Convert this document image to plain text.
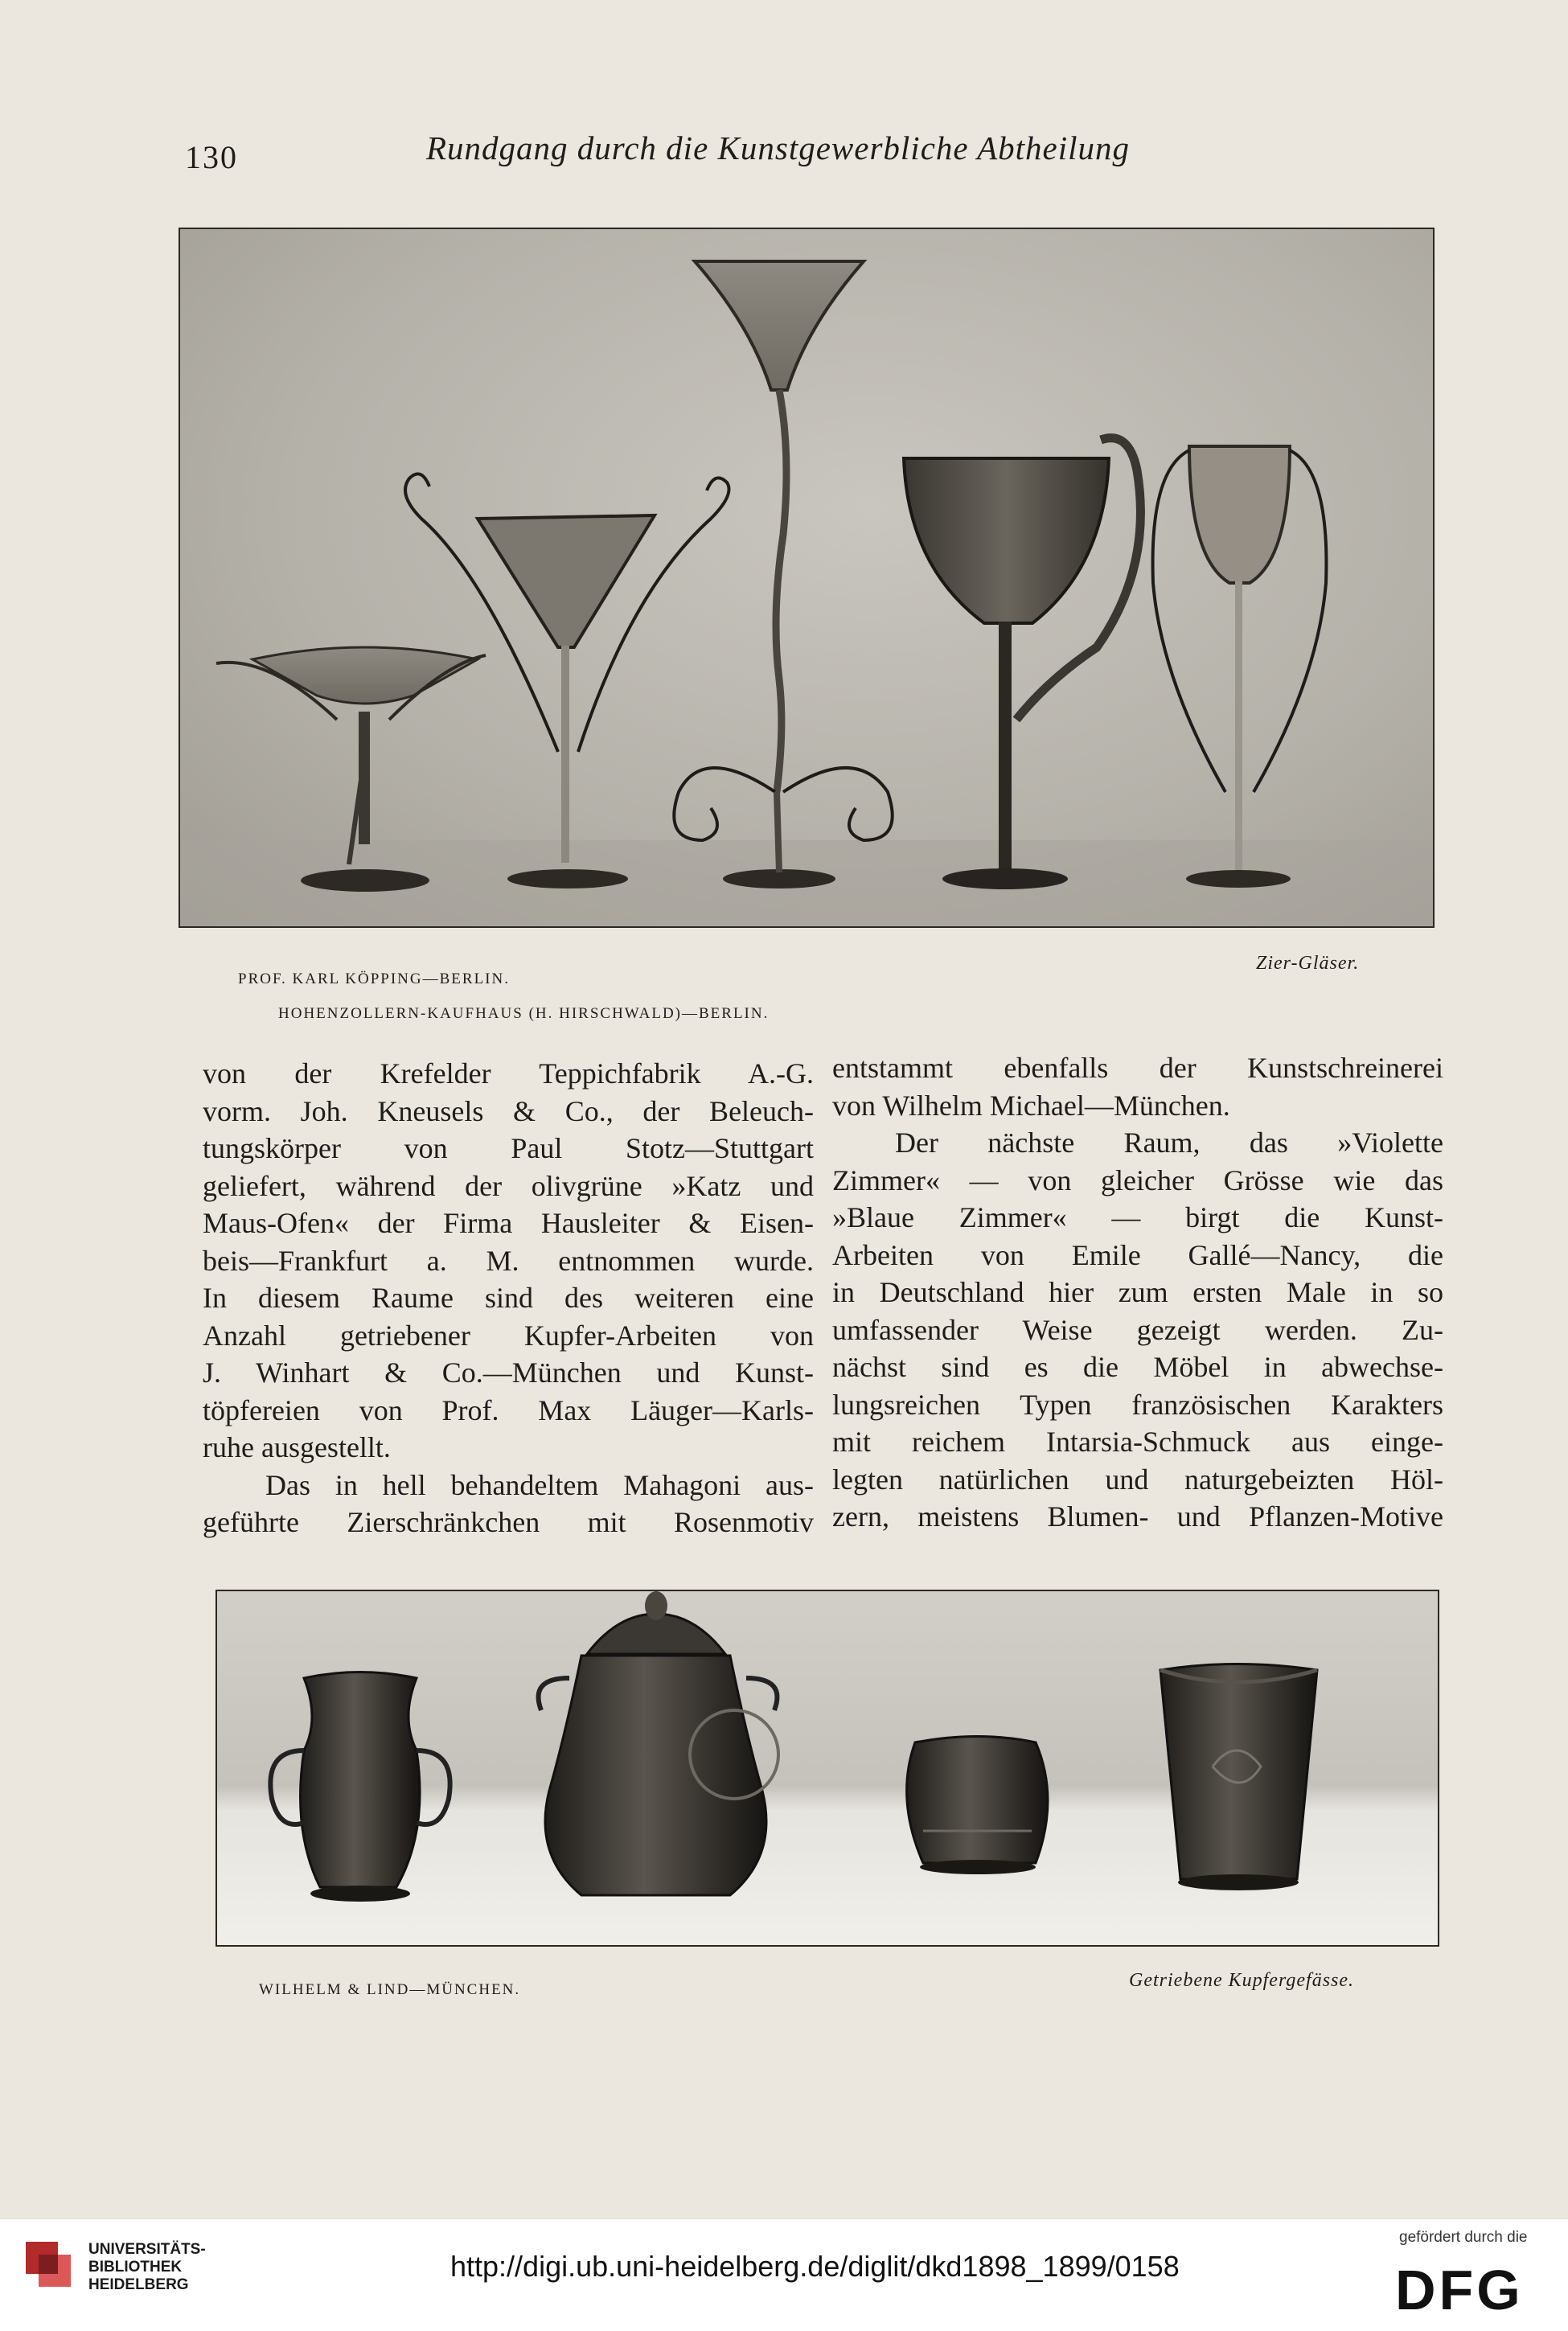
130	Rundgang durch die Kunstgewerbliche Abtheilung
PROF. KARL KÖPPING—BERLIN.
HOHENZOLLERN-KAUFHAUS (H. HIRSCHWALD)—BERLIN.
Zier-Gläser.
von der Krefelder Teppichfabrik A.-G.
vorm. Joh. Kneusels & Co., der Beleuch-
tungskörper von Paul Stotz—Stuttgart
geliefert, während der olivgrüne »Katz und
Maus-Ofen« der Firma Hausleiter & Eisen-
beis—Frankfurt a. M. entnommen wurde.
In diesem Raume sind des weiteren eine
Anzahl getriebener Kupfer-Arbeiten von
J. Winhart & Co.—München und Kunst-
töpfereien von Prof. Max Läuger—Karls-
ruhe ausgestellt.
Das in hell behandeltem Mahagoni aus-
geführte Zierschränkchen mit Rosenmotiv
entstammt ebenfalls der Kunstschreinerei
von Wilhelm Michael—München.
Der nächste Raum, das »Violette
Zimmer« — von gleicher Grösse wie das
»Blaue Zimmer« — birgt die Kunst-
Arbeiten von Emile Gallé—Nancy, die
in Deutschland hier zum ersten Male in so
umfassender Weise gezeigt werden. Zu-
nächst sind es die Möbel in abwechse-
lungsreichen Typen französischen Karakters
mit reichem Intarsia-Schmuck aus einge-
legten natürlichen und naturgebeizten Höl-
zern, meistens Blumen- und Pflanzen-Motive
WILHELM & LIND—MÜNCHEN.	Getriebene Kupfergefässe.
UNIVERSITÄTS-
BIBLIOTHEK
HEIDELBERG
http://digi.ub.uni-heidelberg.de/diglit/dkd1898_1899/0158
gefördert durch die
DFG
